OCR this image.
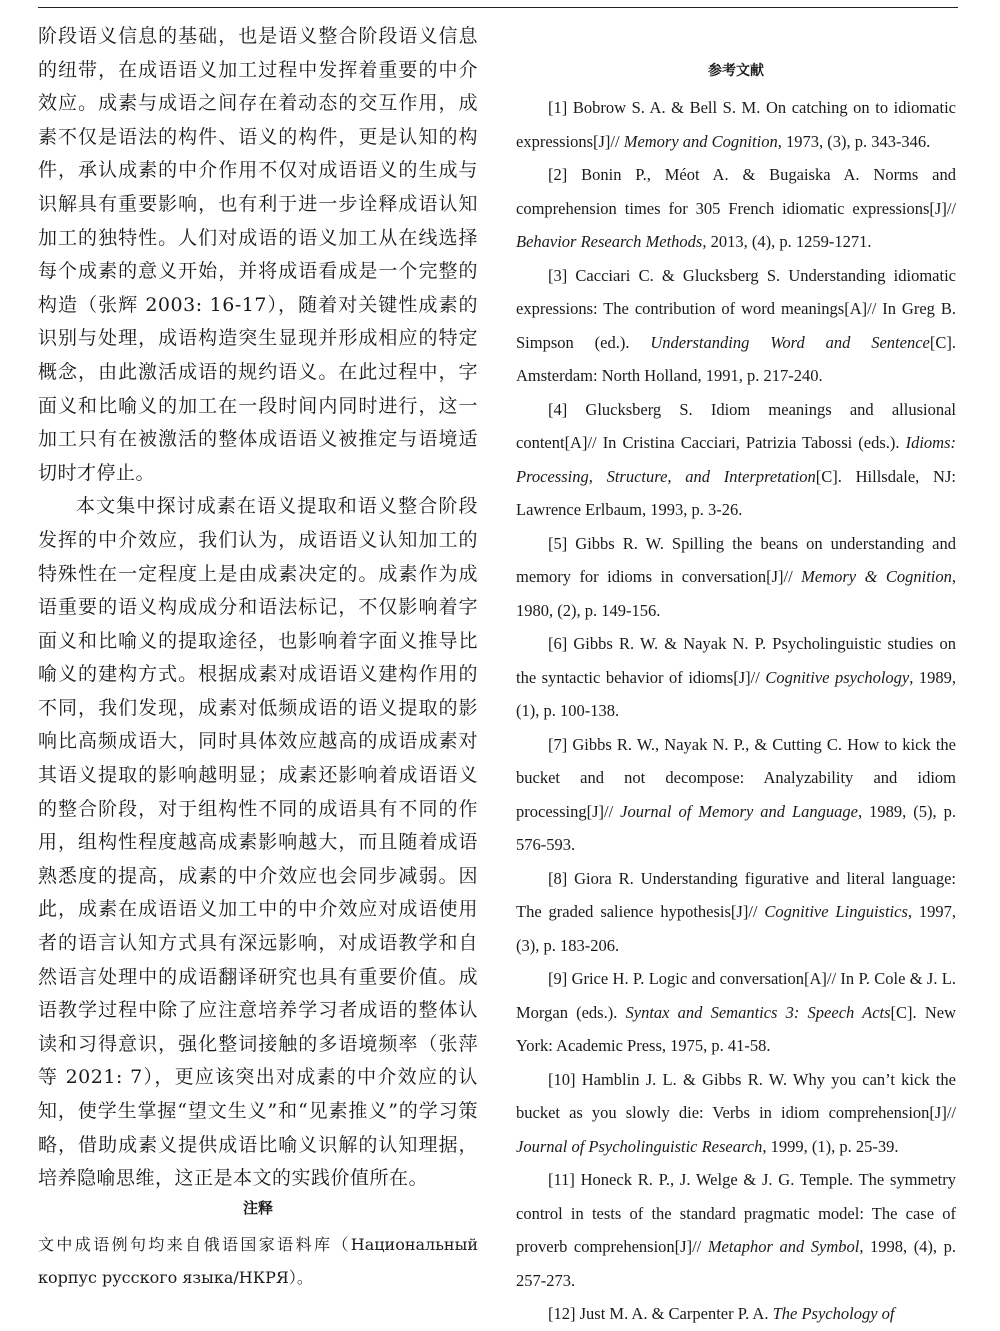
阶段语义信息的基础，也是语义整合阶段语义信息的纽带，在成语语义加工过程中发挥着重要的中介效应。成素与成语之间存在着动态的交互作用，成素不仅是语法的构件、语义的构件，更是认知的构件，承认成素的中介作用不仅对成语语义的生成与识解具有重要影响，也有利于进一步诠释成语认知加工的独特性。人们对成语的语义加工从在线选择每个成素的意义开始，并将成语看成是一个完整的构造（张辉 2003: 16-17），随着对关键性成素的识别与处理，成语构造突生显现并形成相应的特定概念，由此激活成语的规约语义。在此过程中，字面义和比喻义的加工在一段时间内同时进行，这一加工只有在被激活的整体成语语义被推定与语境适切时才停止。

本文集中探讨成素在语义提取和语义整合阶段发挥的中介效应，我们认为，成语语义认知加工的特殊性在一定程度上是由成素决定的。成素作为成语重要的语义构成成分和语法标记，不仅影响着字面义和比喻义的提取途径，也影响着字面义推导比喻义的建构方式。根据成素对成语语义建构作用的不同，我们发现，成素对低频成语的语义提取的影响比高频成语大，同时具体效应越高的成语成素对其语义提取的影响越明显；成素还影响着成语语义的整合阶段，对于组构性不同的成语具有不同的作用，组构性程度越高成素影响越大，而且随着成语熟悉度的提高，成素的中介效应也会同步减弱。因此，成素在成语语义加工中的中介效应对成语使用者的语言认知方式具有深远影响，对成语教学和自然语言处理中的成语翻译研究也具有重要价值。成语教学过程中除了应注意培养学习者成语的整体认读和习得意识，强化整词接触的多语境频率（张萍等 2021: 7），更应该突出对成素的中介效应的认知，使学生掌握“望文生义”和“见素推义”的学习策略，借助成素义提供成语比喻义识解的认知理据，培养隐喻思维，这正是本文的实践价值所在。

注释
文中成语例句均来自俄语国家语料库（Национальный корпус русского языка/НКРЯ）。
参考文献

[1] Bobrow S. A. & Bell S. M. On catching on to idiomatic expressions[J]// Memory and Cognition, 1973, (3), p. 343-346.

[2] Bonin P., Méot A. & Bugaiska A. Norms and comprehension times for 305 French idiomatic expressions[J]// Behavior Research Methods, 2013, (4), p. 1259-1271.

[3] Cacciari C. & Glucksberg S. Understanding idiomatic expressions: The contribution of word meanings[A]// In Greg B. Simpson (ed.). Understanding Word and Sentence[C]. Amsterdam: North Holland, 1991, p. 217-240.

[4] Glucksberg S. Idiom meanings and allusional content[A]// In Cristina Cacciari, Patrizia Tabossi (eds.). Idioms: Processing, Structure, and Interpretation[C]. Hillsdale, NJ: Lawrence Erlbaum, 1993, p. 3-26.

[5] Gibbs R. W. Spilling the beans on understanding and memory for idioms in conversation[J]// Memory & Cognition, 1980, (2), p. 149-156.

[6] Gibbs R. W. & Nayak N. P. Psycholinguistic studies on the syntactic behavior of idioms[J]// Cognitive psychology, 1989, (1), p. 100-138.

[7] Gibbs R. W., Nayak N. P., & Cutting C. How to kick the bucket and not decompose: Analyzability and idiom processing[J]// Journal of Memory and Language, 1989, (5), p. 576-593.

[8] Giora R. Understanding figurative and literal language: The graded salience hypothesis[J]// Cognitive Linguistics, 1997, (3), p. 183-206.

[9] Grice H. P. Logic and conversation[A]// In P. Cole & J. L. Morgan (eds.). Syntax and Semantics 3: Speech Acts[C]. New York: Academic Press, 1975, p. 41-58.

[10] Hamblin J. L. & Gibbs R. W. Why you can’t kick the bucket as you slowly die: Verbs in idiom comprehension[J]// Journal of Psycholinguistic Research, 1999, (1), p. 25-39.

[11] Honeck R. P., J. Welge & J. G. Temple. The symmetry control in tests of the standard pragmatic model: The case of proverb comprehension[J]// Metaphor and Symbol, 1998, (4), p. 257-273.

[12] Just M. A. & Carpenter P. A. The Psychology of
